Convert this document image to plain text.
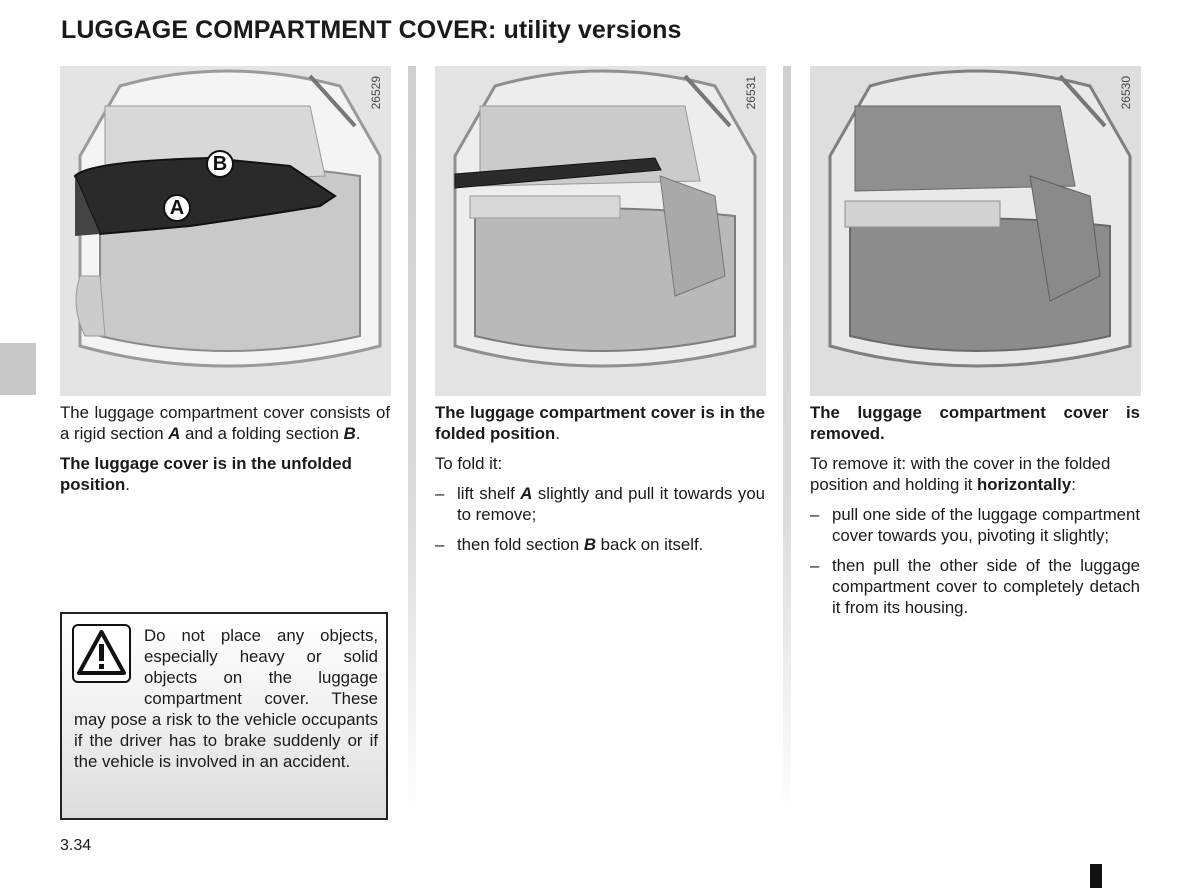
LUGGAGE COMPARTMENT COVER: utility versions
26529
B
A
26531	26530

The luggage compartment cover consists of a rigid section A and a folding section B.

The luggage cover is in the unfolded position.

The luggage compartment cover is in the folded position.

To fold it:

– lift shelf A slightly and pull it towards you to remove;
– then fold section B back on itself.

The luggage compartment cover is removed.

To remove it: with the cover in the folded position and holding it horizontally:

– pull one side of the luggage compartment cover towards you, pivoting it slightly;
– then pull the other side of the luggage compartment cover to completely detach it from its housing.
Do not place any objects, especially heavy or solid objects on the luggage compartment cover. These may pose a risk to the vehicle occupants if the driver has to brake suddenly or if the vehicle is involved in an accident.
3.34
